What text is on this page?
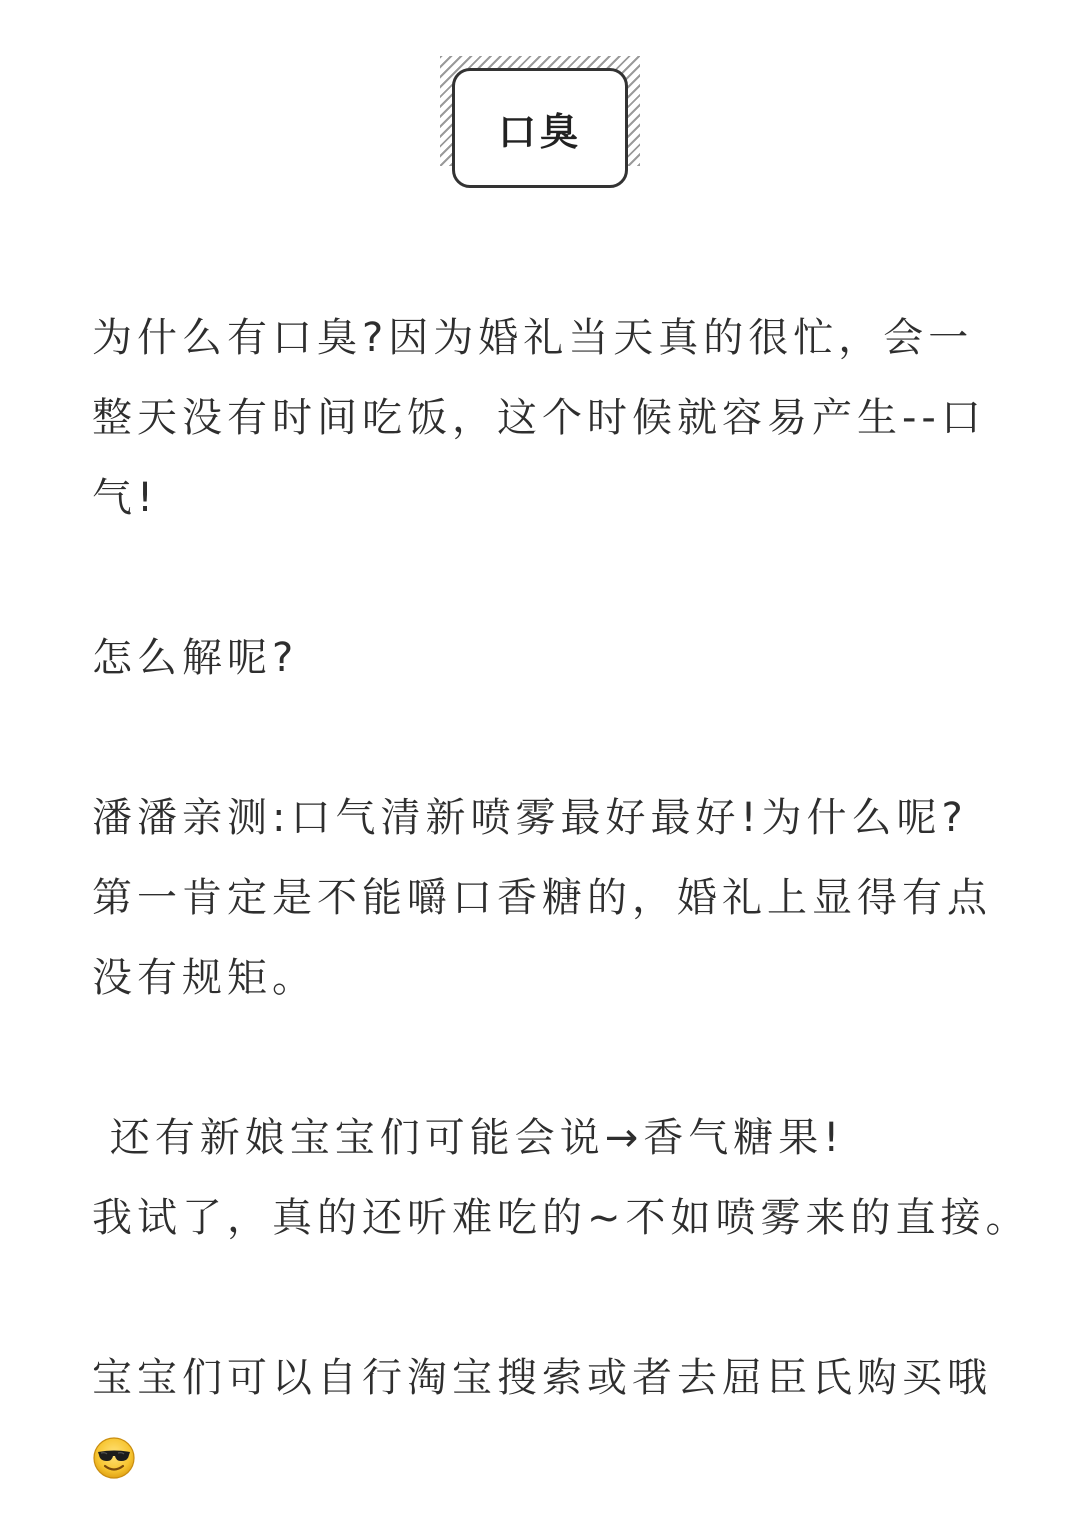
口臭

为什么有口臭?因为婚礼当天真的很忙，会一
整天没有时间吃饭，这个时候就容易产生--口
气!

怎么解呢?

潘潘亲测:口气清新喷雾最好最好!为什么呢?
第一肯定是不能嚼口香糖的，婚礼上显得有点
没有规矩。

还有新娘宝宝们可能会说→香气糖果!
我试了，真的还听难吃的~不如喷雾来的直接。

宝宝们可以自行淘宝搜索或者去屈臣氏购买哦
